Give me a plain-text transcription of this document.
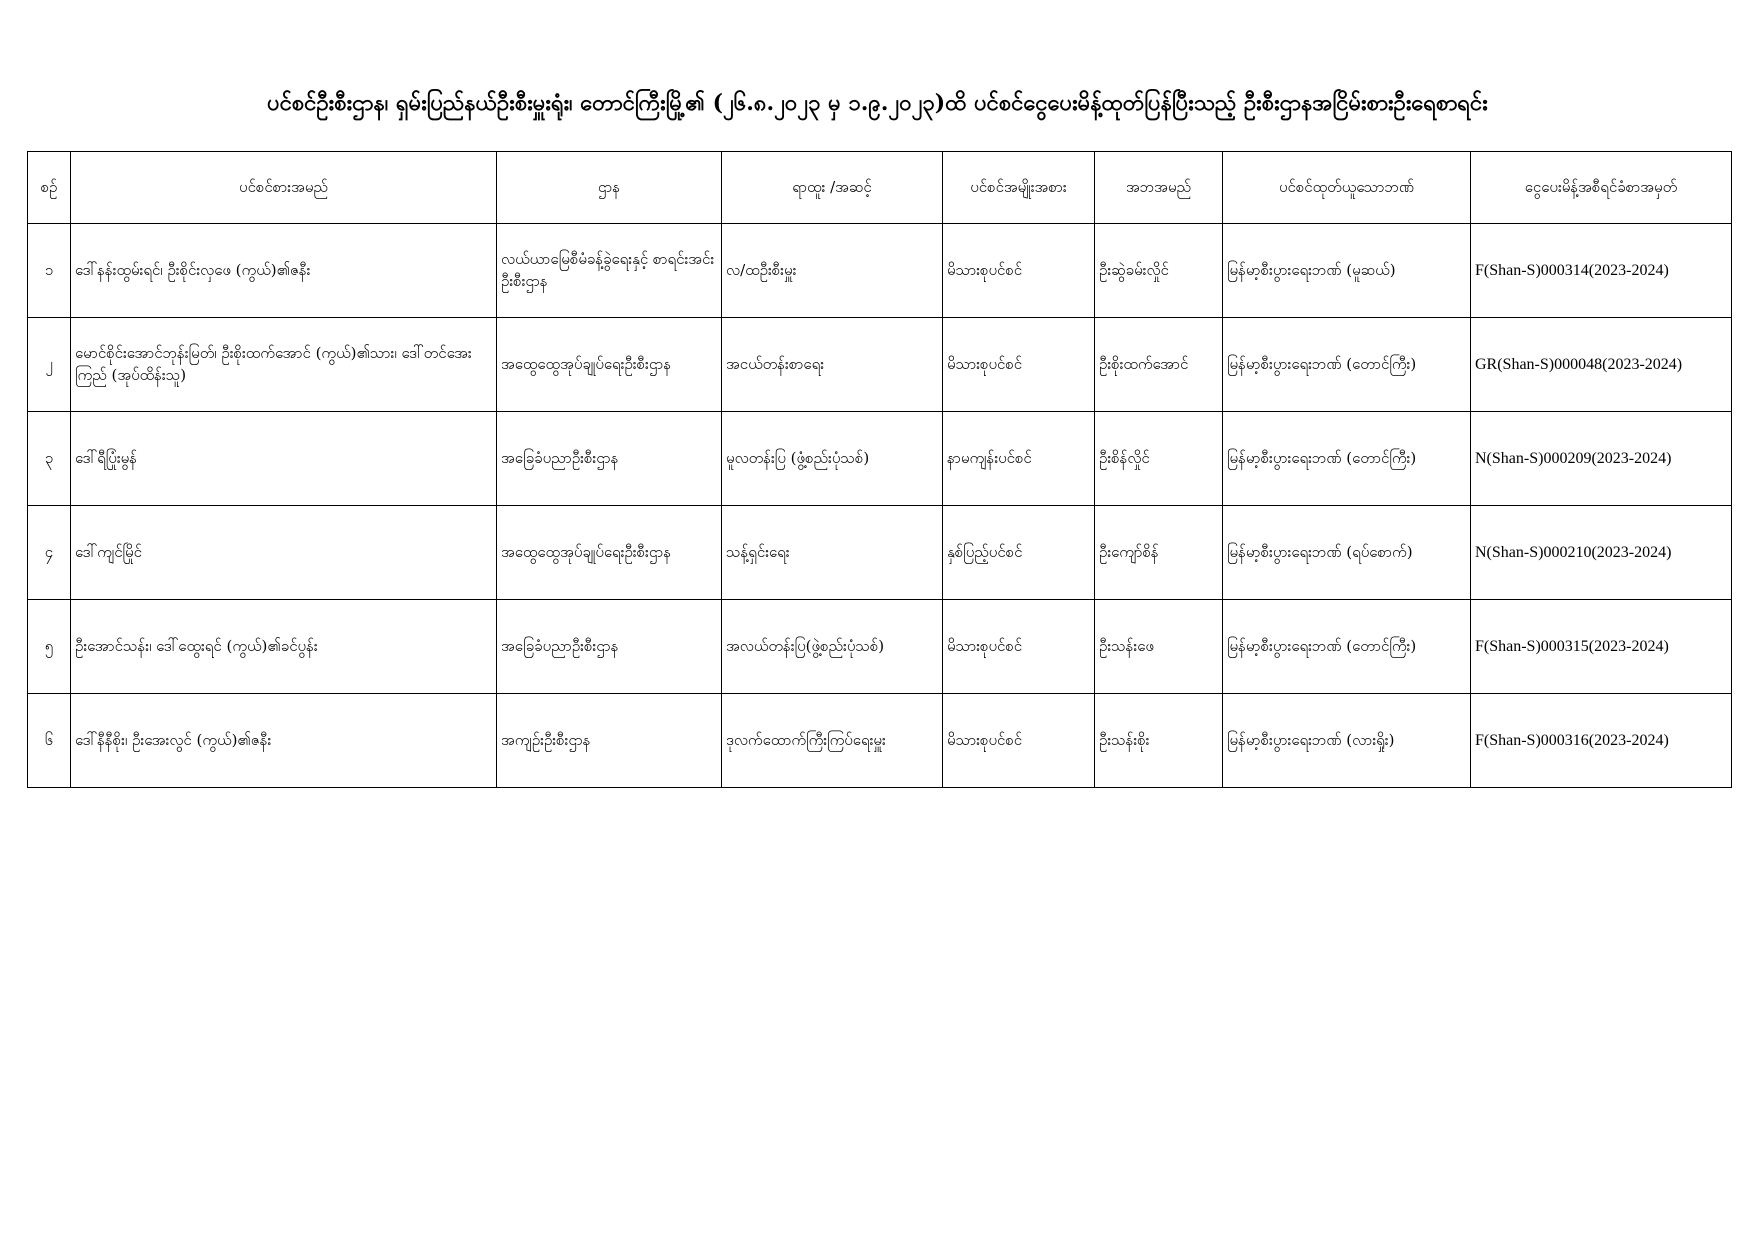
ပင်စင်ဦးစီးဌာန၊ ရှမ်းပြည်နယ်ဦးစီးမှူးရုံး၊ တောင်ကြီးမြို့၏ (၂၆.၈.၂၀၂၃ မှ ၁.၉.၂၀၂၃)ထိ ပင်စင်ငွေပေးမိန့်ထုတ်ပြန်ပြီးသည့် ဦးစီးဌာနအငြိမ်းစားဦးရေစာရင်း
စဉ်	ပင်စင်စားအမည်	ဌာန	ရာထူး /အဆင့်	ပင်စင်အမျိုးအစား	အဘအမည်	ပင်စင်ထုတ်ယူသောဘဏ်	ငွေပေးမိန့်အစီရင်ခံစာအမှတ်
၁	ဒေါ်နန်းထွမ်းရင်၊ ဦးစိုင်းလှဖေ (ကွယ်)၏ဇနီး	လယ်ယာမြေစီမံခန့်ခွဲရေးနှင့် စာရင်းအင်းဦးစီးဌာန	လ/ထဦးစီးမှူး	မိသားစုပင်စင်	ဦးဆွဲခမ်းလှိုင်	မြန်မာ့စီးပွားရေးဘဏ် (မူဆယ်)	F(Shan-S)000314(2023-2024)
၂	မောင်စိုင်းအောင်ဘုန်းမြတ်၊ ဦးစိုးထက်အောင် (ကွယ်)၏သား၊ ဒေါ်တင်အေးကြည် (အုပ်ထိန်းသူ)	အထွေထွေအုပ်ချုပ်ရေးဦးစီးဌာန	အငယ်တန်းစာရေး	မိသားစုပင်စင်	ဦးစိုးထက်အောင်	မြန်မာ့စီးပွားရေးဘဏ် (တောင်ကြီး)	GR(Shan-S)000048(2023-2024)
၃	ဒေါ်ရီပြုံးမွန်	အခြေခံပညာဦးစီးဌာန	မူလတန်းပြ (ဖွံ့စည်းပုံသစ်)	နာမကျန်းပင်စင်	ဦးစိန်လှိုင်	မြန်မာ့စီးပွားရေးဘဏ် (တောင်ကြီး)	N(Shan-S)000209(2023-2024)
၄	ဒေါ်ကျင်မြိုင်	အထွေထွေအုပ်ချုပ်ရေးဦးစီးဌာန	သန့်ရှင်းရေး	နှစ်ပြည့်ပင်စင်	ဦးကျော်စိန်	မြန်မာ့စီးပွားရေးဘဏ် (ရပ်စောက်)	N(Shan-S)000210(2023-2024)
၅	ဦးအောင်သန်း၊ ဒေါ်ထွေးရင် (ကွယ်)၏ခင်ပွန်း	အခြေခံပညာဦးစီးဌာန	အလယ်တန်းပြ(ဖွဲ့စည်းပုံသစ်)	မိသားစုပင်စင်	ဦးသန်းဖေ	မြန်မာ့စီးပွားရေးဘဏ် (တောင်ကြီး)	F(Shan-S)000315(2023-2024)
၆	ဒေါ်နီနီစိုး၊ ဦးအေးလွင် (ကွယ်)၏ဇနီး	အကျဉ်းဦးစီးဌာန	ဒုလက်ထောက်ကြီးကြပ်ရေးမှူး	မိသားစုပင်စင်	ဦးသန်းစိုး	မြန်မာ့စီးပွားရေးဘဏ် (လားရှိုး)	F(Shan-S)000316(2023-2024)
